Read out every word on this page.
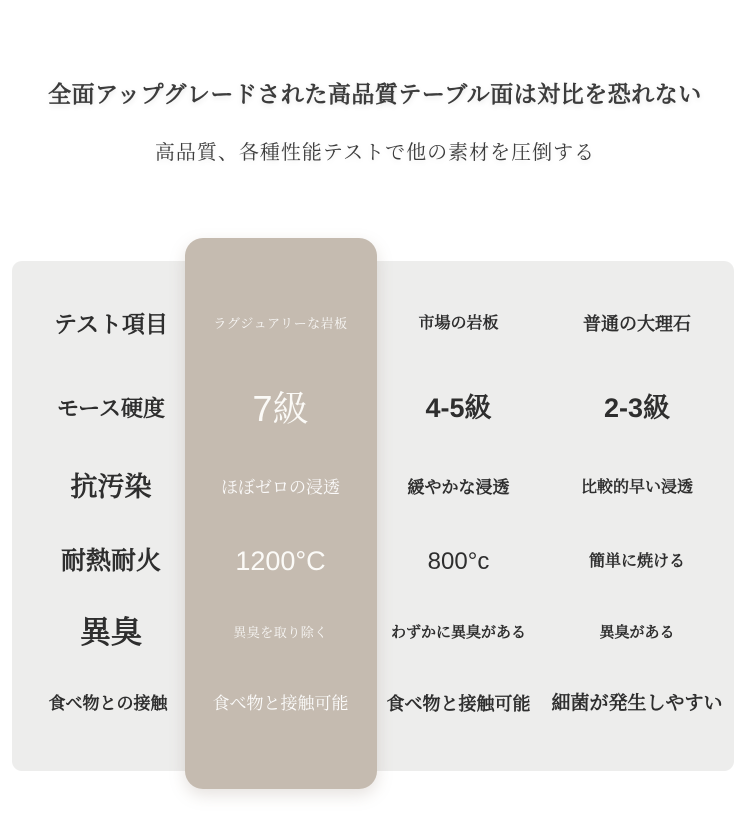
全面アップグレードされた高品質テーブル面は対比を恐れない
高品質、各種性能テストで他の素材を圧倒する
テスト項目	ラグジュアリーな岩板	市場の岩板	普通の大理石
モース硬度	7級	4-5級	2-3級
抗汚染	ほぼゼロの浸透	緩やかな浸透	比較的早い浸透
耐熱耐火	1200°C	800°c	簡単に焼ける
異臭	異臭を取り除く	わずかに異臭がある	異臭がある
食べ物との接触	食べ物と接触可能	食べ物と接触可能	細菌が発生しやすい
